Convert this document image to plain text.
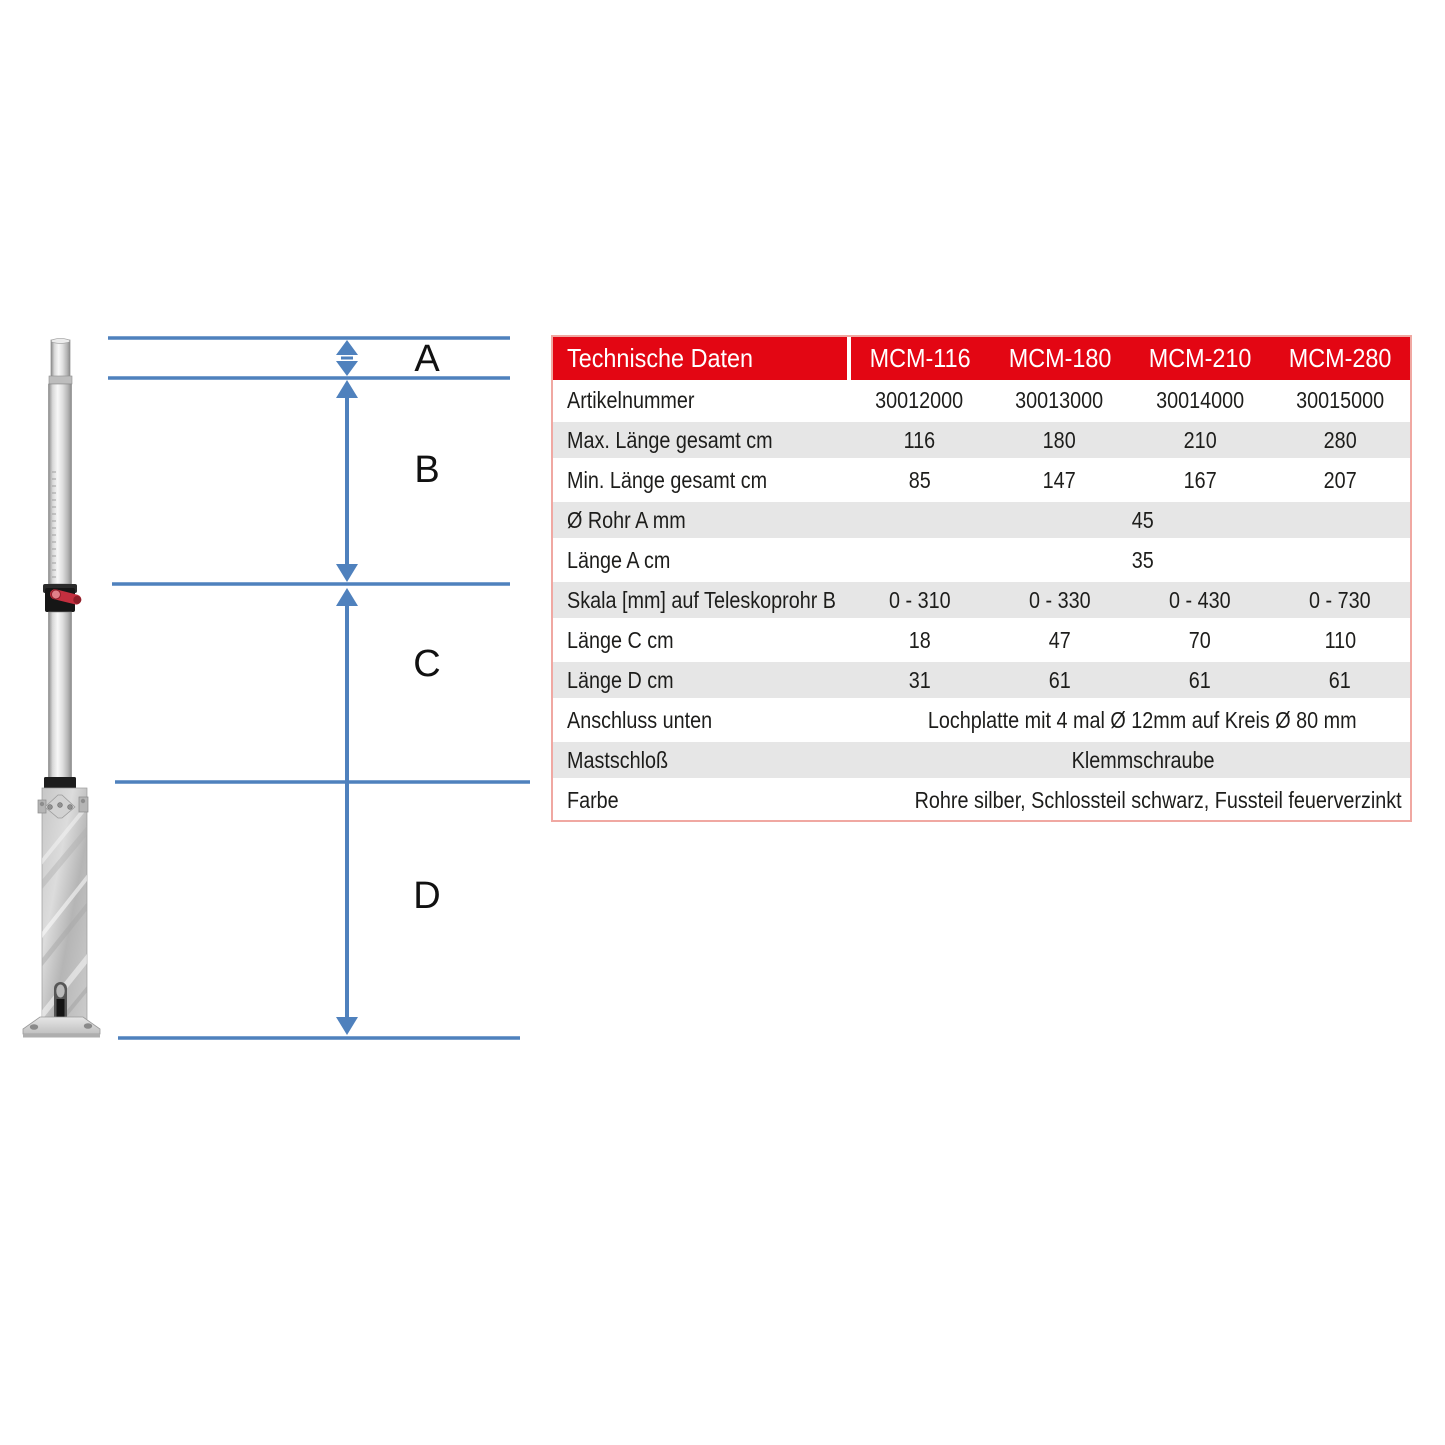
A
B
C
D
Technische Daten	MCM-116	MCM-180	MCM-210	MCM-280
Artikelnummer	30012000	30013000	30014000	30015000
Max. Länge gesamt cm	116	180	210	280
Min. Länge gesamt cm	85	147	167	207
Ø Rohr A mm	45			
Länge A cm	35			
Skala [mm] auf Teleskoprohr B	0 - 310	0 - 330	0 - 430	0 - 730
Länge C cm	18	47	70	110
Länge D cm	31	61	61	61
Anschluss unten	Lochplatte mit 4 mal Ø 12mm auf Kreis Ø 80 mm			
Mastschloß	Klemmschraube			
Farbe	Rohre silber, Schlossteil schwarz, Fussteil feuerverzinkt			
